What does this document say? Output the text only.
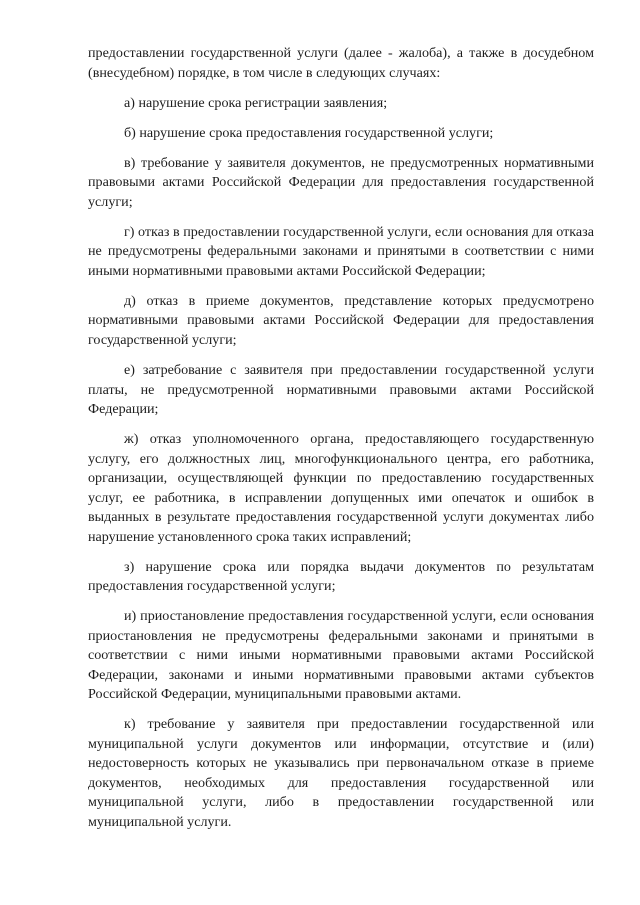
предоставлении государственной услуги (далее - жалоба), а также в досудебном (внесудебном) порядке, в том числе в следующих случаях:

а) нарушение срока регистрации заявления;

б) нарушение срока предоставления государственной услуги;

в) требование у заявителя документов, не предусмотренных нормативными правовыми актами Российской Федерации для предоставления государственной услуги;

г) отказ в предоставлении государственной услуги, если основания для отказа не предусмотрены федеральными законами и принятыми в соответствии с ними иными нормативными правовыми актами Российской Федерации;

д) отказ в приеме документов, представление которых предусмотрено нормативными правовыми актами Российской Федерации для предоставления государственной услуги;

е) затребование с заявителя при предоставлении государственной услуги платы, не предусмотренной нормативными правовыми актами Российской Федерации;

ж) отказ уполномоченного органа, предоставляющего государственную услугу, его должностных лиц, многофункционального центра, его работника, организации, осуществляющей функции по предоставлению государственных услуг, ее работника, в исправлении допущенных ими опечаток и ошибок в выданных в результате предоставления государственной услуги документах либо нарушение установленного срока таких исправлений;

з) нарушение срока или порядка выдачи документов по результатам предоставления государственной услуги;

и) приостановление предоставления государственной услуги, если основания приостановления не предусмотрены федеральными законами и принятыми в соответствии с ними иными нормативными правовыми актами Российской Федерации, законами и иными нормативными правовыми актами субъектов Российской Федерации, муниципальными правовыми актами.

к) требование у заявителя при предоставлении государственной или муниципальной услуги документов или информации, отсутствие и (или) недостоверность которых не указывались при первоначальном отказе в приеме документов, необходимых для предоставления государственной или муниципальной услуги, либо в предоставлении государственной или муниципальной услуги.
